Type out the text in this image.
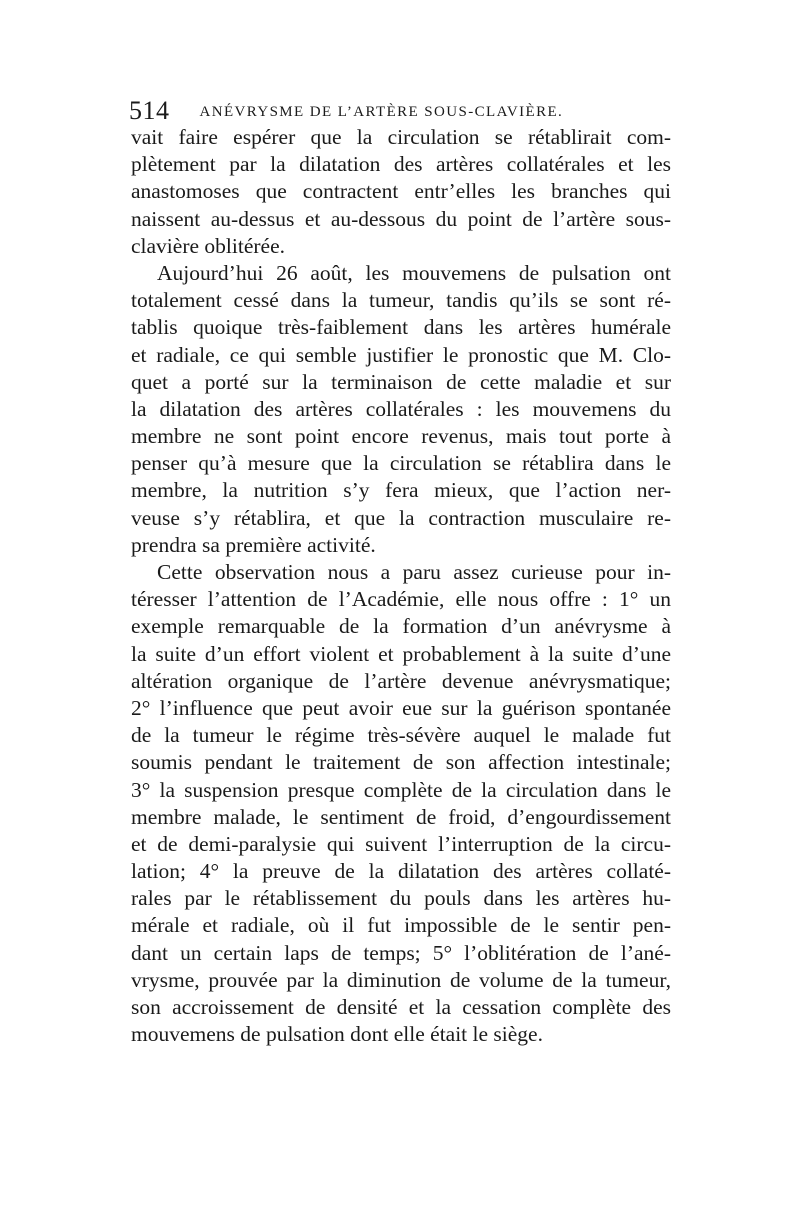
514 ANÉVRYSME DE L’ARTÈRE SOUS-CLAVIÈRE.
vait faire espérer que la circulation se rétablirait com-
plètement par la dilatation des artères collatérales et les
anastomoses que contractent entr’elles les branches qui
naissent au-dessus et au-dessous du point de l’artère sous-
clavière oblitérée.
Aujourd’hui 26 août, les mouvemens de pulsation ont
totalement cessé dans la tumeur, tandis qu’ils se sont ré-
tablis quoique très-faiblement dans les artères humérale
et radiale, ce qui semble justifier le pronostic que M. Clo-
quet a porté sur la terminaison de cette maladie et sur
la dilatation des artères collatérales : les mouvemens du
membre ne sont point encore revenus, mais tout porte à
penser qu’à mesure que la circulation se rétablira dans le
membre, la nutrition s’y fera mieux, que l’action ner-
veuse s’y rétablira, et que la contraction musculaire re-
prendra sa première activité.
Cette observation nous a paru assez curieuse pour in-
téresser l’attention de l’Académie, elle nous offre : 1° un
exemple remarquable de la formation d’un anévrysme à
la suite d’un effort violent et probablement à la suite d’une
altération organique de l’artère devenue anévrysmatique;
2° l’influence que peut avoir eue sur la guérison spontanée
de la tumeur le régime très-sévère auquel le malade fut
soumis pendant le traitement de son affection intestinale;
3° la suspension presque complète de la circulation dans le
membre malade, le sentiment de froid, d’engourdissement
et de demi-paralysie qui suivent l’interruption de la circu-
lation; 4° la preuve de la dilatation des artères collaté-
rales par le rétablissement du pouls dans les artères hu-
mérale et radiale, où il fut impossible de le sentir pen-
dant un certain laps de temps; 5° l’oblitération de l’ané-
vrysme, prouvée par la diminution de volume de la tumeur,
son accroissement de densité et la cessation complète des
mouvemens de pulsation dont elle était le siège.
